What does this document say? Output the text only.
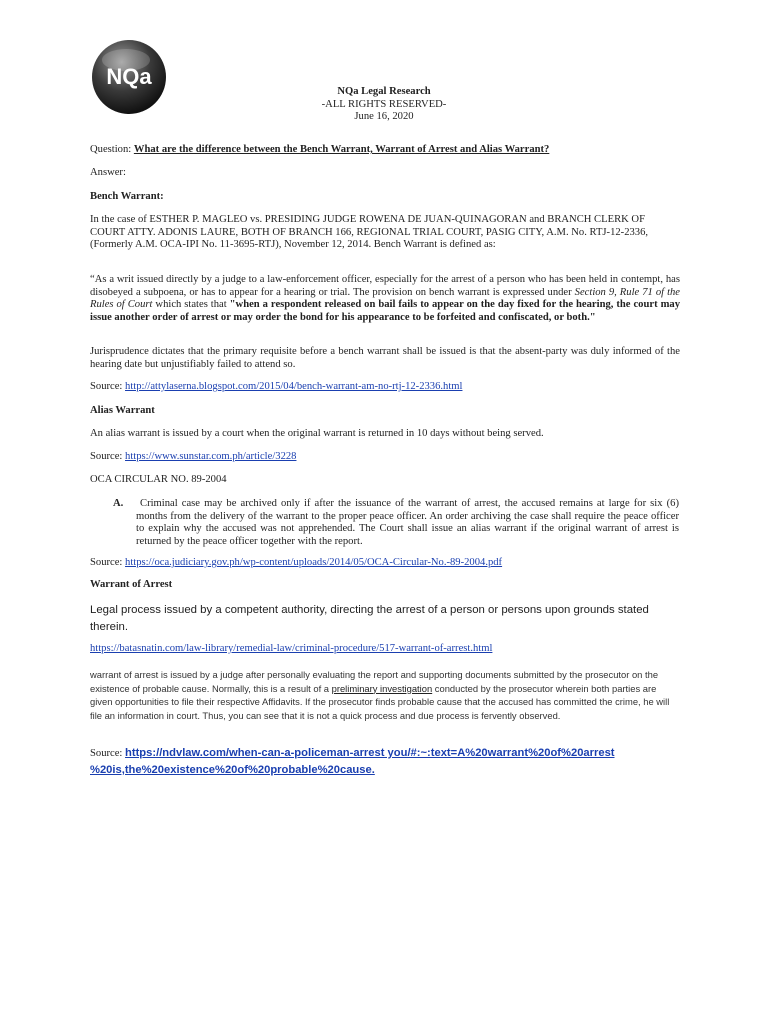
NQa
NQa Legal Research
-ALL RIGHTS RESERVED-
June 16, 2020
Question: What are the difference between the Bench Warrant, Warrant of Arrest and Alias Warrant?
Answer:
Bench Warrant:
In the case of ESTHER P. MAGLEO vs. PRESIDING JUDGE ROWENA DE JUAN-QUINAGORAN and BRANCH CLERK OF COURT ATTY. ADONIS LAURE, BOTH OF BRANCH 166, REGIONAL TRIAL COURT, PASIG CITY, A.M. No. RTJ-12-2336, (Formerly A.M. OCA-IPI No. 11-3695-RTJ), November 12, 2014. Bench Warrant is defined as:
“As a writ issued directly by a judge to a law-enforcement officer, especially for the arrest of a person who has been held in contempt, has disobeyed a subpoena, or has to appear for a hearing or trial. The provision on bench warrant is expressed under Section 9, Rule 71 of the Rules of Court which states that "when a respondent released on bail fails to appear on the day fixed for the hearing, the court may issue another order of arrest or may order the bond for his appearance to be forfeited and confiscated, or both."
Jurisprudence dictates that the primary requisite before a bench warrant shall be issued is that the absent-party was duly informed of the hearing date but unjustifiably failed to attend so.
Source: http://attylaserna.blogspot.com/2015/04/bench-warrant-am-no-rtj-12-2336.html
Alias Warrant
An alias warrant is issued by a court when the original warrant is returned in 10 days without being served.
Source: https://www.sunstar.com.ph/article/3228
OCA CIRCULAR NO. 89-2004
A.	Criminal case may be archived only if after the issuance of the warrant of arrest, the accused remains at large for six (6) months from the delivery of the warrant to the proper peace officer. An order archiving the case shall require the peace officer to explain why the accused was not apprehended. The Court shall issue an alias warrant if the original warrant of arrest is returned by the peace officer together with the report.
Source: https://oca.judiciary.gov.ph/wp-content/uploads/2014/05/OCA-Circular-No.-89-2004.pdf
Warrant of Arrest
Legal process issued by a competent authority, directing the arrest of a person or persons upon grounds stated therein.
https://batasnatin.com/law-library/remedial-law/criminal-procedure/517-warrant-of-arrest.html
warrant of arrest is issued by a judge after personally evaluating the report and supporting documents submitted by the prosecutor on the existence of probable cause. Normally, this is a result of a preliminary investigation conducted by the prosecutor wherein both parties are given opportunities to file their respective Affidavits. If the prosecutor finds probable cause that the accused has committed the crime, he will file an information in court. Thus, you can see that it is not a quick process and due process is fervently observed.
Source: https://ndvlaw.com/when-can-a-policeman-arrest you/#:~:text=A%20warrant%20of%20arrest
%20is,the%20existence%20of%20probable%20cause.
